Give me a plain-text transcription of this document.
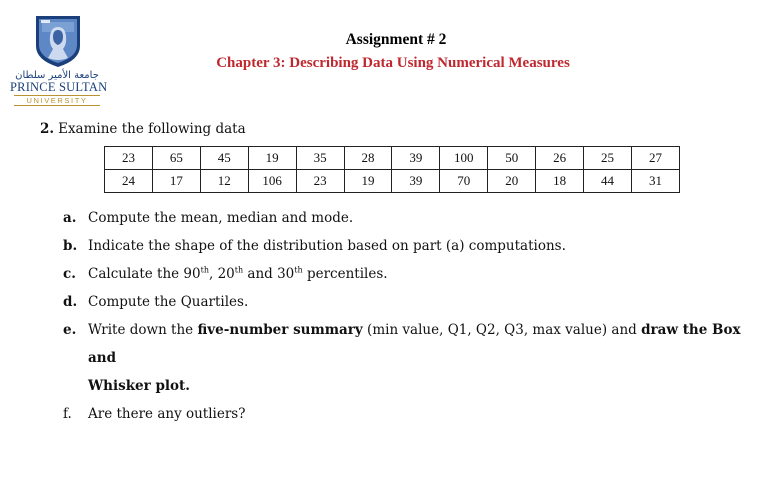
جامعة الأمير سلطان
PRINCE SULTAN
UNIVERSITY
Assignment # 2
Chapter 3: Describing Data Using Numerical Measures
2. Examine the following data
23	65	45	19	35	28	39	100	50	26	25	27
24	17	12	106	23	19	39	70	20	18	44	31
a. Compute the mean, median and mode.
b. Indicate the shape of the distribution based on part (a) computations.
c. Calculate the 90th, 20th and 30th percentiles.
d. Compute the Quartiles.
e. Write down the five-number summary (min value, Q1, Q2, Q3, max value) and draw the Box and
Whisker plot.
f. Are there any outliers?
